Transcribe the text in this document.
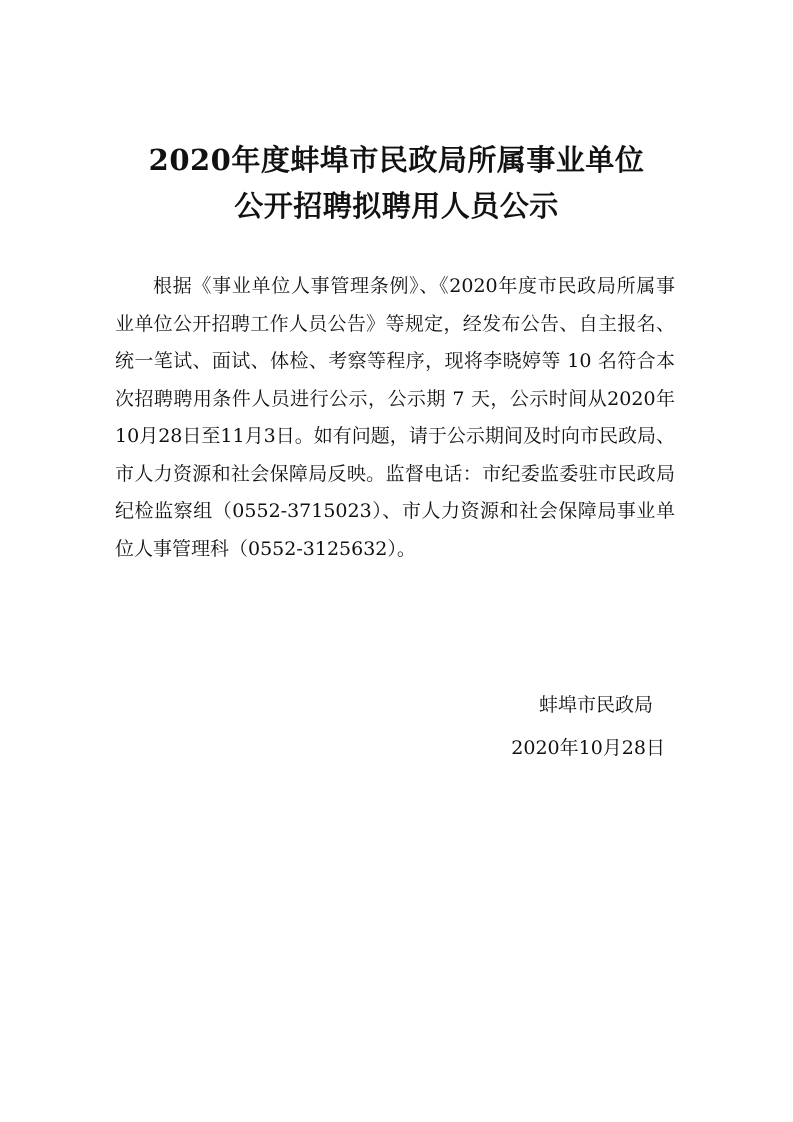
2020年度蚌埠市民政局所属事业单位
公开招聘拟聘用人员公示

根据《事业单位人事管理条例》、《2020年度市民政局所属事业单位公开招聘工作人员公告》等规定，经发布公告、自主报名、统一笔试、面试、体检、考察等程序，现将李晓婷等 10 名符合本次招聘聘用条件人员进行公示，公示期 7 天，公示时间从2020年10月28日至11月3日。如有问题，请于公示期间及时向市民政局、市人力资源和社会保障局反映。监督电话：市纪委监委驻市民政局纪检监察组（0552-3715023）、市人力资源和社会保障局事业单位人事管理科（0552-3125632）。

蚌埠市民政局
2020年10月28日
